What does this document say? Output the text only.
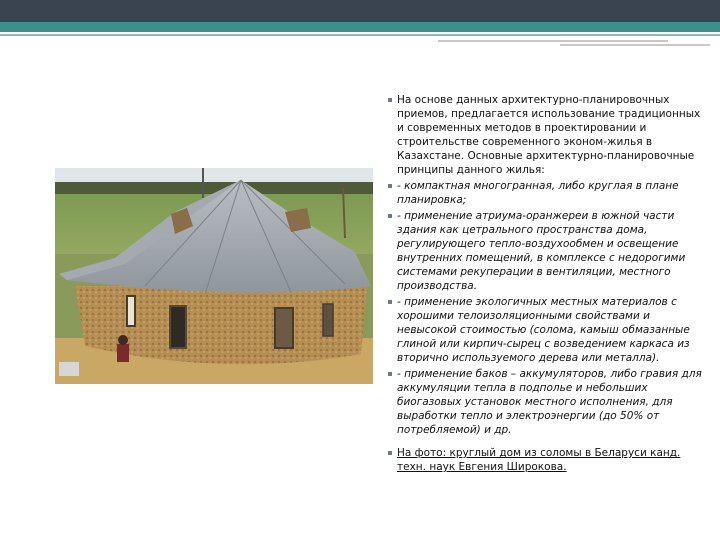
На основе данных архитектурно-планировочных приемов, предлагается использование традиционных и современных методов в проектировании и строительстве современного эконом-жилья в Казахстане. Основные архитектурно-планировочные принципы данного жилья:

- компактная многогранная, либо круглая в плане планировка;

- применение атриума-оранжереи в южной части здания как цетрального пространства дома, регулирующего тепло-воздухообмен и освещение внутренних помещений, в комплексе с недорогими системами рекуперации в вентиляции, местного производства.

- применение экологичных местных материалов с хорошими телоизоляционными свойствами и невысокой стоимостью (солома, камыш обмазанные глиной или кирпич-сырец с возведением каркаса из вторично используемого дерева или металла).

- применение баков – аккумуляторов, либо гравия для аккумуляции тепла в подполье и небольших биогазовых установок местного исполнения, для выработки тепло и электроэнергии (до 50% от потребляемой) и др.

На фото: круглый дом из соломы в Беларуси канд. техн. наук Евгения Широкова.
